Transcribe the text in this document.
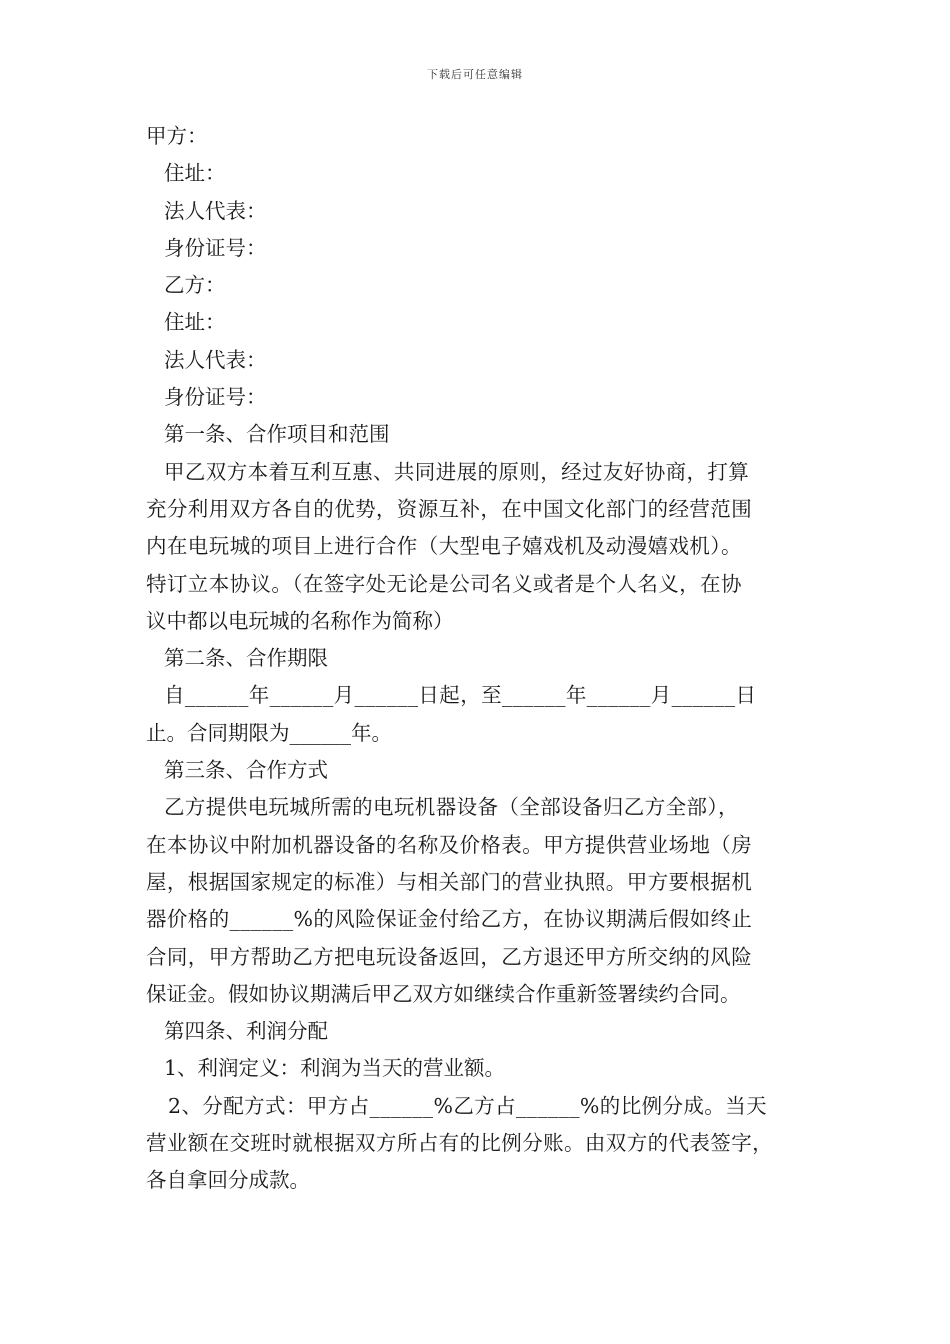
下载后可任意编辑
甲方：
住址：
法人代表：
身份证号：
乙方：
住址：
法人代表：
身份证号：
第一条、合作项目和范围
甲乙双方本着互利互惠、共同进展的原则，经过友好协商，打算
充分利用双方各自的优势，资源互补，在中国文化部门的经营范围
内在电玩城的项目上进行合作（大型电子嬉戏机及动漫嬉戏机）。
特订立本协议。（在签字处无论是公司名义或者是个人名义，在协
议中都以电玩城的名称作为简称）
第二条、合作期限
自______年______月______日起，至______年______月______日
止。合同期限为______年。
第三条、合作方式
乙方提供电玩城所需的电玩机器设备（全部设备归乙方全部），
在本协议中附加机器设备的名称及价格表。甲方提供营业场地（房
屋，根据国家规定的标准）与相关部门的营业执照。甲方要根据机
器价格的______%的风险保证金付给乙方，在协议期满后假如终止
合同，甲方帮助乙方把电玩设备返回，乙方退还甲方所交纳的风险
保证金。假如协议期满后甲乙双方如继续合作重新签署续约合同。
第四条、利润分配
1、利润定义：利润为当天的营业额。
2、分配方式：甲方占______%乙方占______%的比例分成。当天
营业额在交班时就根据双方所占有的比例分账。由双方的代表签字，
各自拿回分成款。
